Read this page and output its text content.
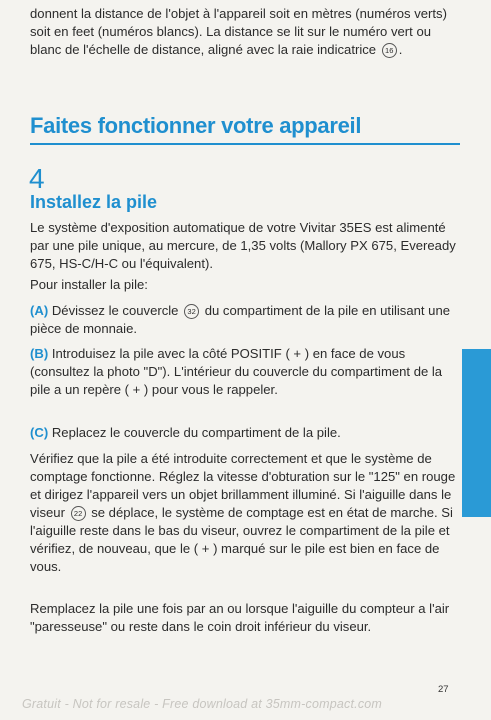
donnent la distance de l'objet à l'appareil soit en mètres (numéros verts) soit en feet (numéros blancs). La distance se lit sur le numéro vert ou blanc de l'échelle de distance, aligné avec la raie indicatrice 16 .

Faites fonctionner votre appareil
4
Installez la pile

Le système d'exposition automatique de votre Vivitar 35ES est alimenté par une pile unique, au mercure, de 1,35 volts (Mallory PX 675, Eveready 675, HS-C/H-C ou l'équivalent).

Pour installer la pile:

(A) Dévissez le couvercle 32 du compartiment de la pile en utilisant une pièce de monnaie.

(B) Introduisez la pile avec la côté POSITIF ( + ) en face de vous (consultez la photo "D"). L'intérieur du couvercle du compartiment de la pile a un repère ( + ) pour vous le rappeler.

(C) Replacez le couvercle du compartiment de la pile.

Vérifiez que la pile a été introduite correctement et que le système de comptage fonctionne. Réglez la vitesse d'obturation sur le "125" en rouge et dirigez l'appareil vers un objet brillamment illuminé. Si l'aiguille dans le viseur 22 se déplace, le système de comptage est en état de marche. Si l'aiguille reste dans le bas du viseur, ouvrez le compartiment de la pile et vérifiez, de nouveau, que le ( + ) marqué sur le pile est bien en face de vous.

Remplacez la pile une fois par an ou lorsque l'aiguille du compteur a l'air "paresseuse" ou reste dans le coin droit inférieur du viseur.

27

Gratuit - Not for resale - Free download at 35mm-compact.com
